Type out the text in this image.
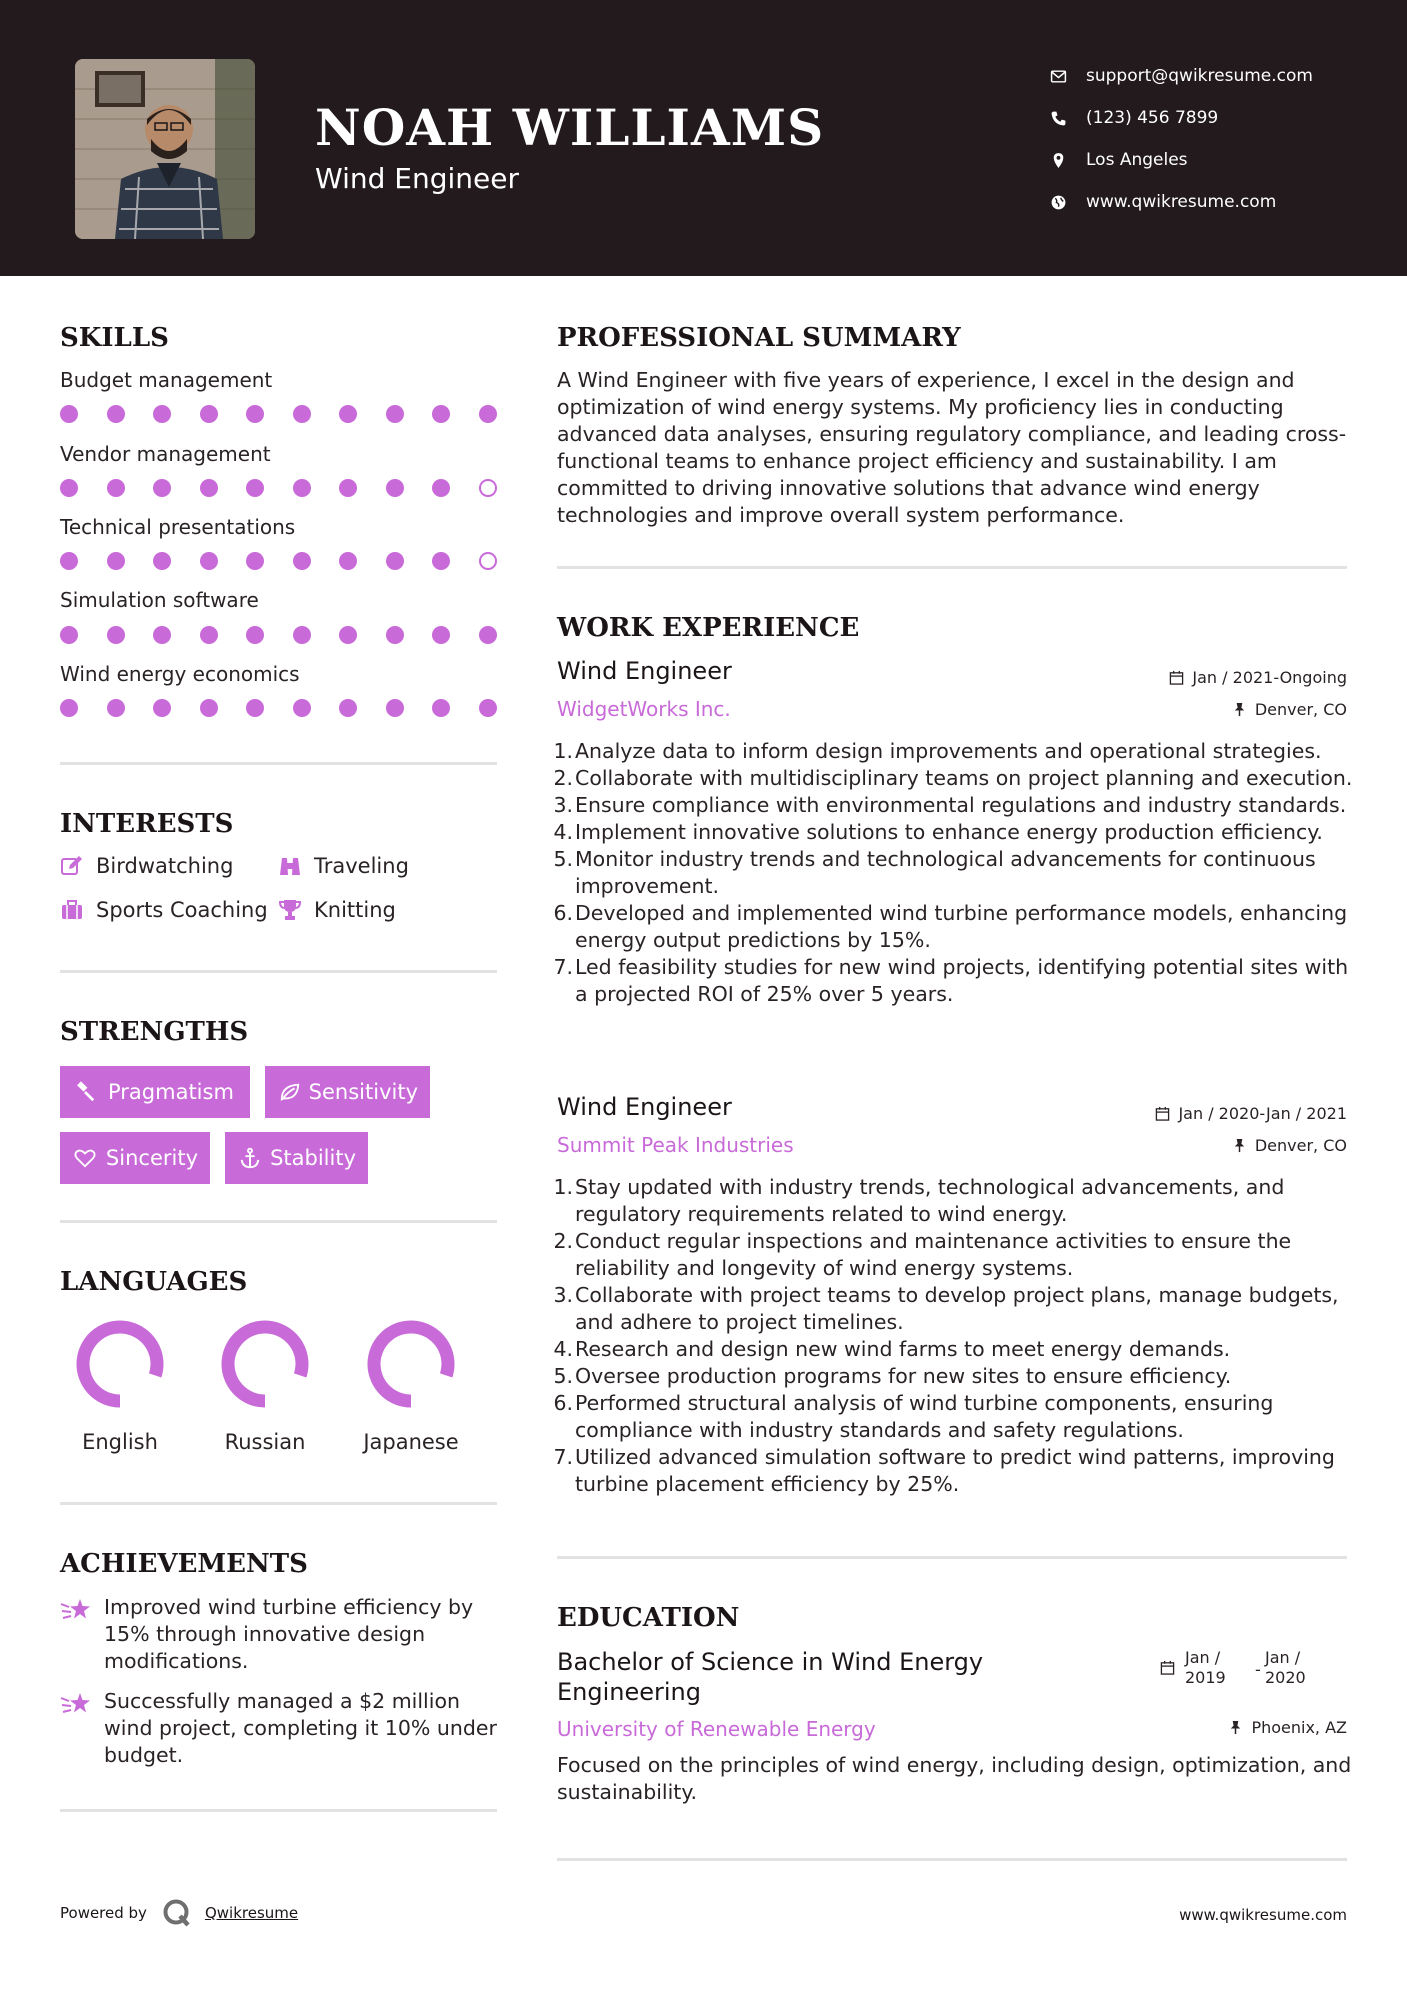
NOAH WILLIAMS
Wind Engineer
support@qwikresume.com
(123) 456 7899
Los Angeles
www.qwikresume.com
SKILLS
Budget management
Vendor management
Technical presentations
Simulation software
Wind energy economics
INTERESTS
Birdwatching	Traveling
Sports Coaching Knitting
STRENGTHS
Pragmatism	Sensitivity
Sincerity	Stability
LANGUAGES
English	Russian	Japanese
ACHIEVEMENTS
Improved wind turbine efficiency by 15% through innovative design modifications.
Successfully managed a $2 million wind project, completing it 10% under budget.
PROFESSIONAL SUMMARY
A Wind Engineer with five years of experience, I excel in the design and optimization of wind energy systems. My proficiency lies in conducting advanced data analyses, ensuring regulatory compliance, and leading cross-functional teams to enhance project efficiency and sustainability. I am committed to driving innovative solutions that advance wind energy technologies and improve overall system performance.
WORK EXPERIENCE
Wind Engineer	Jan / 2021-Ongoing
WidgetWorks Inc.	Denver, CO
1. Analyze data to inform design improvements and operational strategies.
2. Collaborate with multidisciplinary teams on project planning and execution.
3. Ensure compliance with environmental regulations and industry standards.
4. Implement innovative solutions to enhance energy production efficiency.
5. Monitor industry trends and technological advancements for continuous improvement.
6. Developed and implemented wind turbine performance models, enhancing energy output predictions by 15%.
7. Led feasibility studies for new wind projects, identifying potential sites with a projected ROI of 25% over 5 years.
Wind Engineer	Jan / 2020-Jan / 2021
Summit Peak Industries	Denver, CO
1. Stay updated with industry trends, technological advancements, and regulatory requirements related to wind energy.
2. Conduct regular inspections and maintenance activities to ensure the reliability and longevity of wind energy systems.
3. Collaborate with project teams to develop project plans, manage budgets, and adhere to project timelines.
4. Research and design new wind farms to meet energy demands.
5. Oversee production programs for new sites to ensure efficiency.
6. Performed structural analysis of wind turbine components, ensuring compliance with industry standards and safety regulations.
7. Utilized advanced simulation software to predict wind patterns, improving turbine placement efficiency by 25%.
EDUCATION
Bachelor of Science in Wind Energy Engineering
Jan /
2019	-
Jan /
2020
University of Renewable Energy	Phoenix, AZ
Focused on the principles of wind energy, including design, optimization, and sustainability.
Powered by	Qwikresume	www.qwikresume.com
